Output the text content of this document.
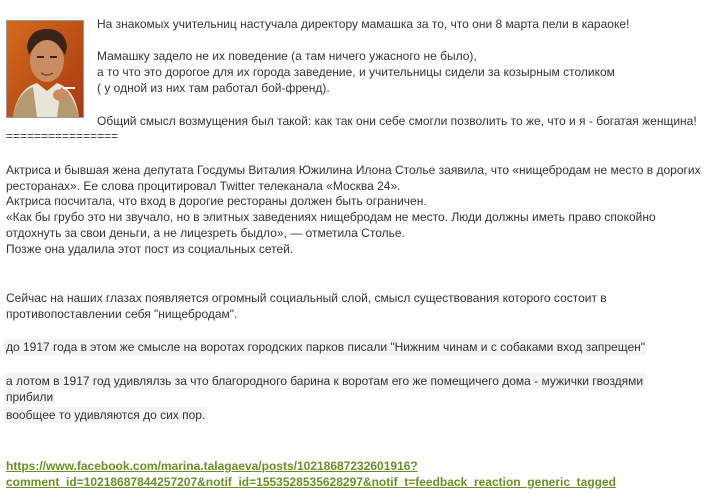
На знакомых учительниц настучала директору мамашка за то, что они 8 марта пели в караоке!

Мамашку задело не их поведение (а там ничего ужасного не было),

а то что это дорогое для их города заведение, и учительницы сидели за козырным столиком

( у одной из них там работал бой-френд).

Общий смысл возмущения был такой: как так они себе смогли позволить то же, что и я - богатая женщина!

================

Актриса и бывшая жена депутата Госдумы Виталия Южилина Илона Столье заявила, что «нищебродам не место в дорогих

ресторанах». Ее слова процитировал Twitter телеканала «Москва 24».

Актриса посчитала, что вход в дорогие рестораны должен быть ограничен.

«Как бы грубо это ни звучало, но в элитных заведениях нищебродам не место. Люди должны иметь право спокойно

отдохнуть за свои деньги, а не лицезреть быдло», — отметила Столье.

Позже она удалила этот пост из социальных сетей.

Сейчас на наших глазах появляется огромный социальный слой, смысл существования которого состоит в

противопоставлении себя "нищебродам".

до 1917 года в этом же смысле на воротах городских парков писали "Нижним чинам и с собаками вход запрещен"

а лотом в 1917 год удивлялзь за что благородного барина к воротам его же помещичего дома - мужички гвоздями

прибили

вообщее то удивляются до сих пор.

https://www.facebook.com/marina.talagaeva/posts/10218687232601916?
comment_id=10218687844257207&notif_id=1553528535628297&notif_t=feedback_reaction_generic_tagged
